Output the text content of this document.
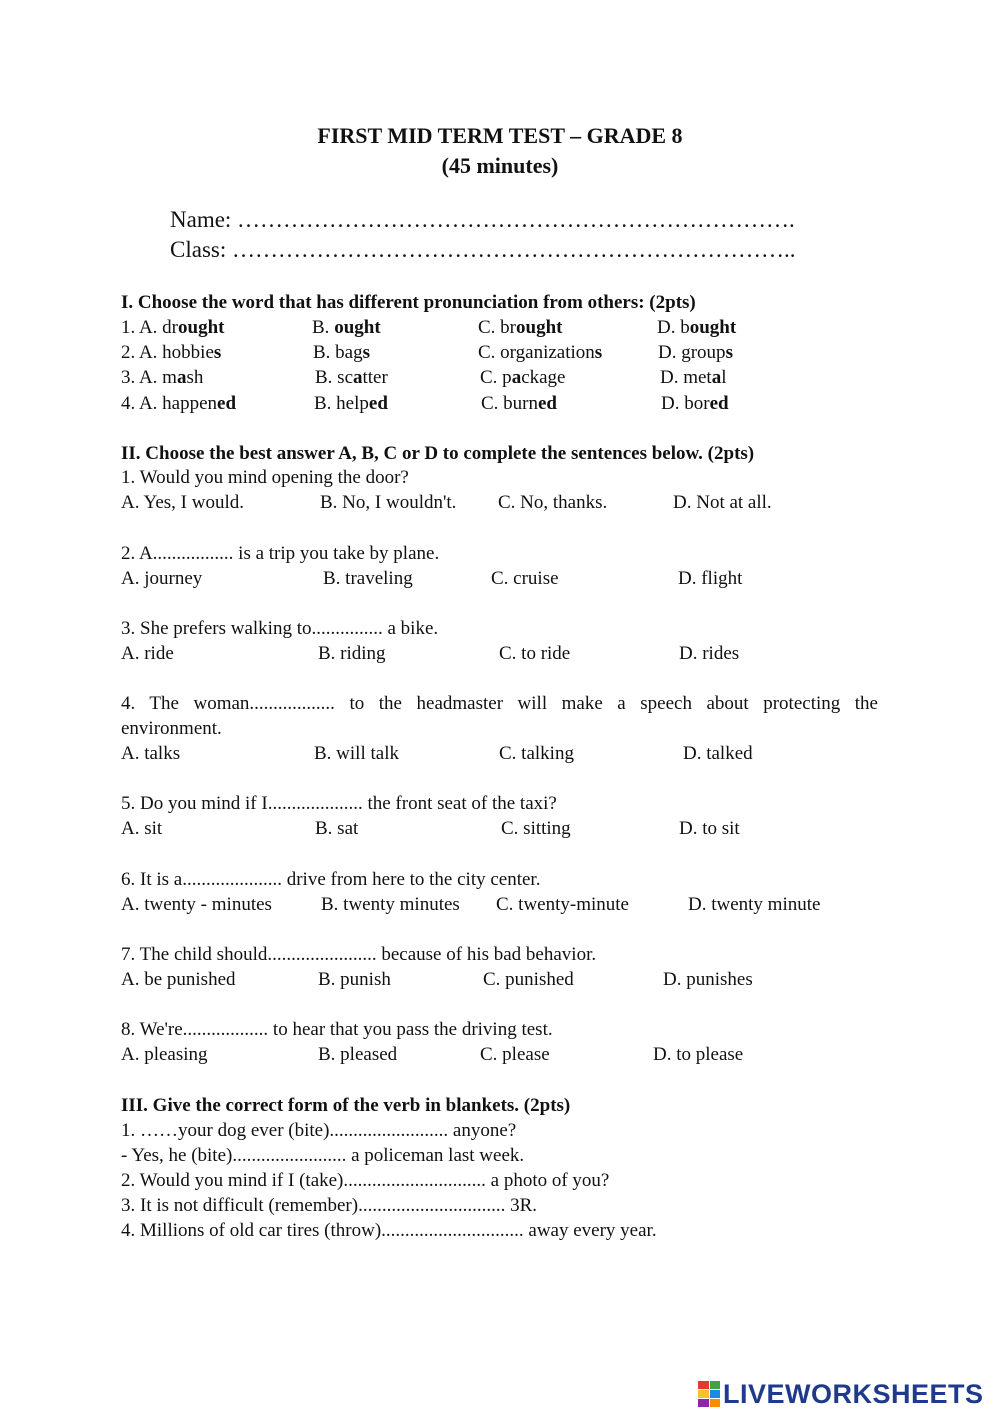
FIRST MID TERM TEST – GRADE 8
(45 minutes)
Name: ……………………………………………………………….
Class: ………………………………………………………………..
I. Choose the word that has different pronunciation from others: (2pts)
1. A. drought	B. ought	C. brought	D. bought
2. A. hobbies	B. bags	C. organizations	D. groups
3. A. mash	B. scatter	C. package	D. metal
4. A. happened	B. helped	C. burned	D. bored
II. Choose the best answer A, B, C or D to complete the sentences below. (2pts)
1. Would you mind opening the door?
A. Yes, I would.	B. No, I wouldn't. C. No, thanks.	D. Not at all.
2. A................. is a trip you take by plane.
A. journey	B. traveling	C. cruise	D. flight
3. She prefers walking to............... a bike.
A. ride	B. riding	C. to ride	D. rides
4. The woman.................. to the headmaster will make a speech about protecting the
environment.
A. talks	B. will talk	C. talking	D. talked
5. Do you mind if I.................... the front seat of the taxi?
A. sit	B. sat	C. sitting	D. to sit
6. It is a..................... drive from here to the city center.
A. twenty - minutes	B. twenty minutes C. twenty-minute	D. twenty minute
7. The child should....................... because of his bad behavior.
A. be punished	B. punish	C. punished	D. punishes
8. We're.................. to hear that you pass the driving test.
A. pleasing	B. pleased	C. please	D. to please
III. Give the correct form of the verb in blankets. (2pts)
1. ……your dog ever (bite)......................... anyone?
- Yes, he (bite)........................ a policeman last week.
2. Would you mind if I (take).............................. a photo of you?
3. It is not difficult (remember)............................... 3R.
4. Millions of old car tires (throw).............................. away every year.
LIVEWORKSHEETS
